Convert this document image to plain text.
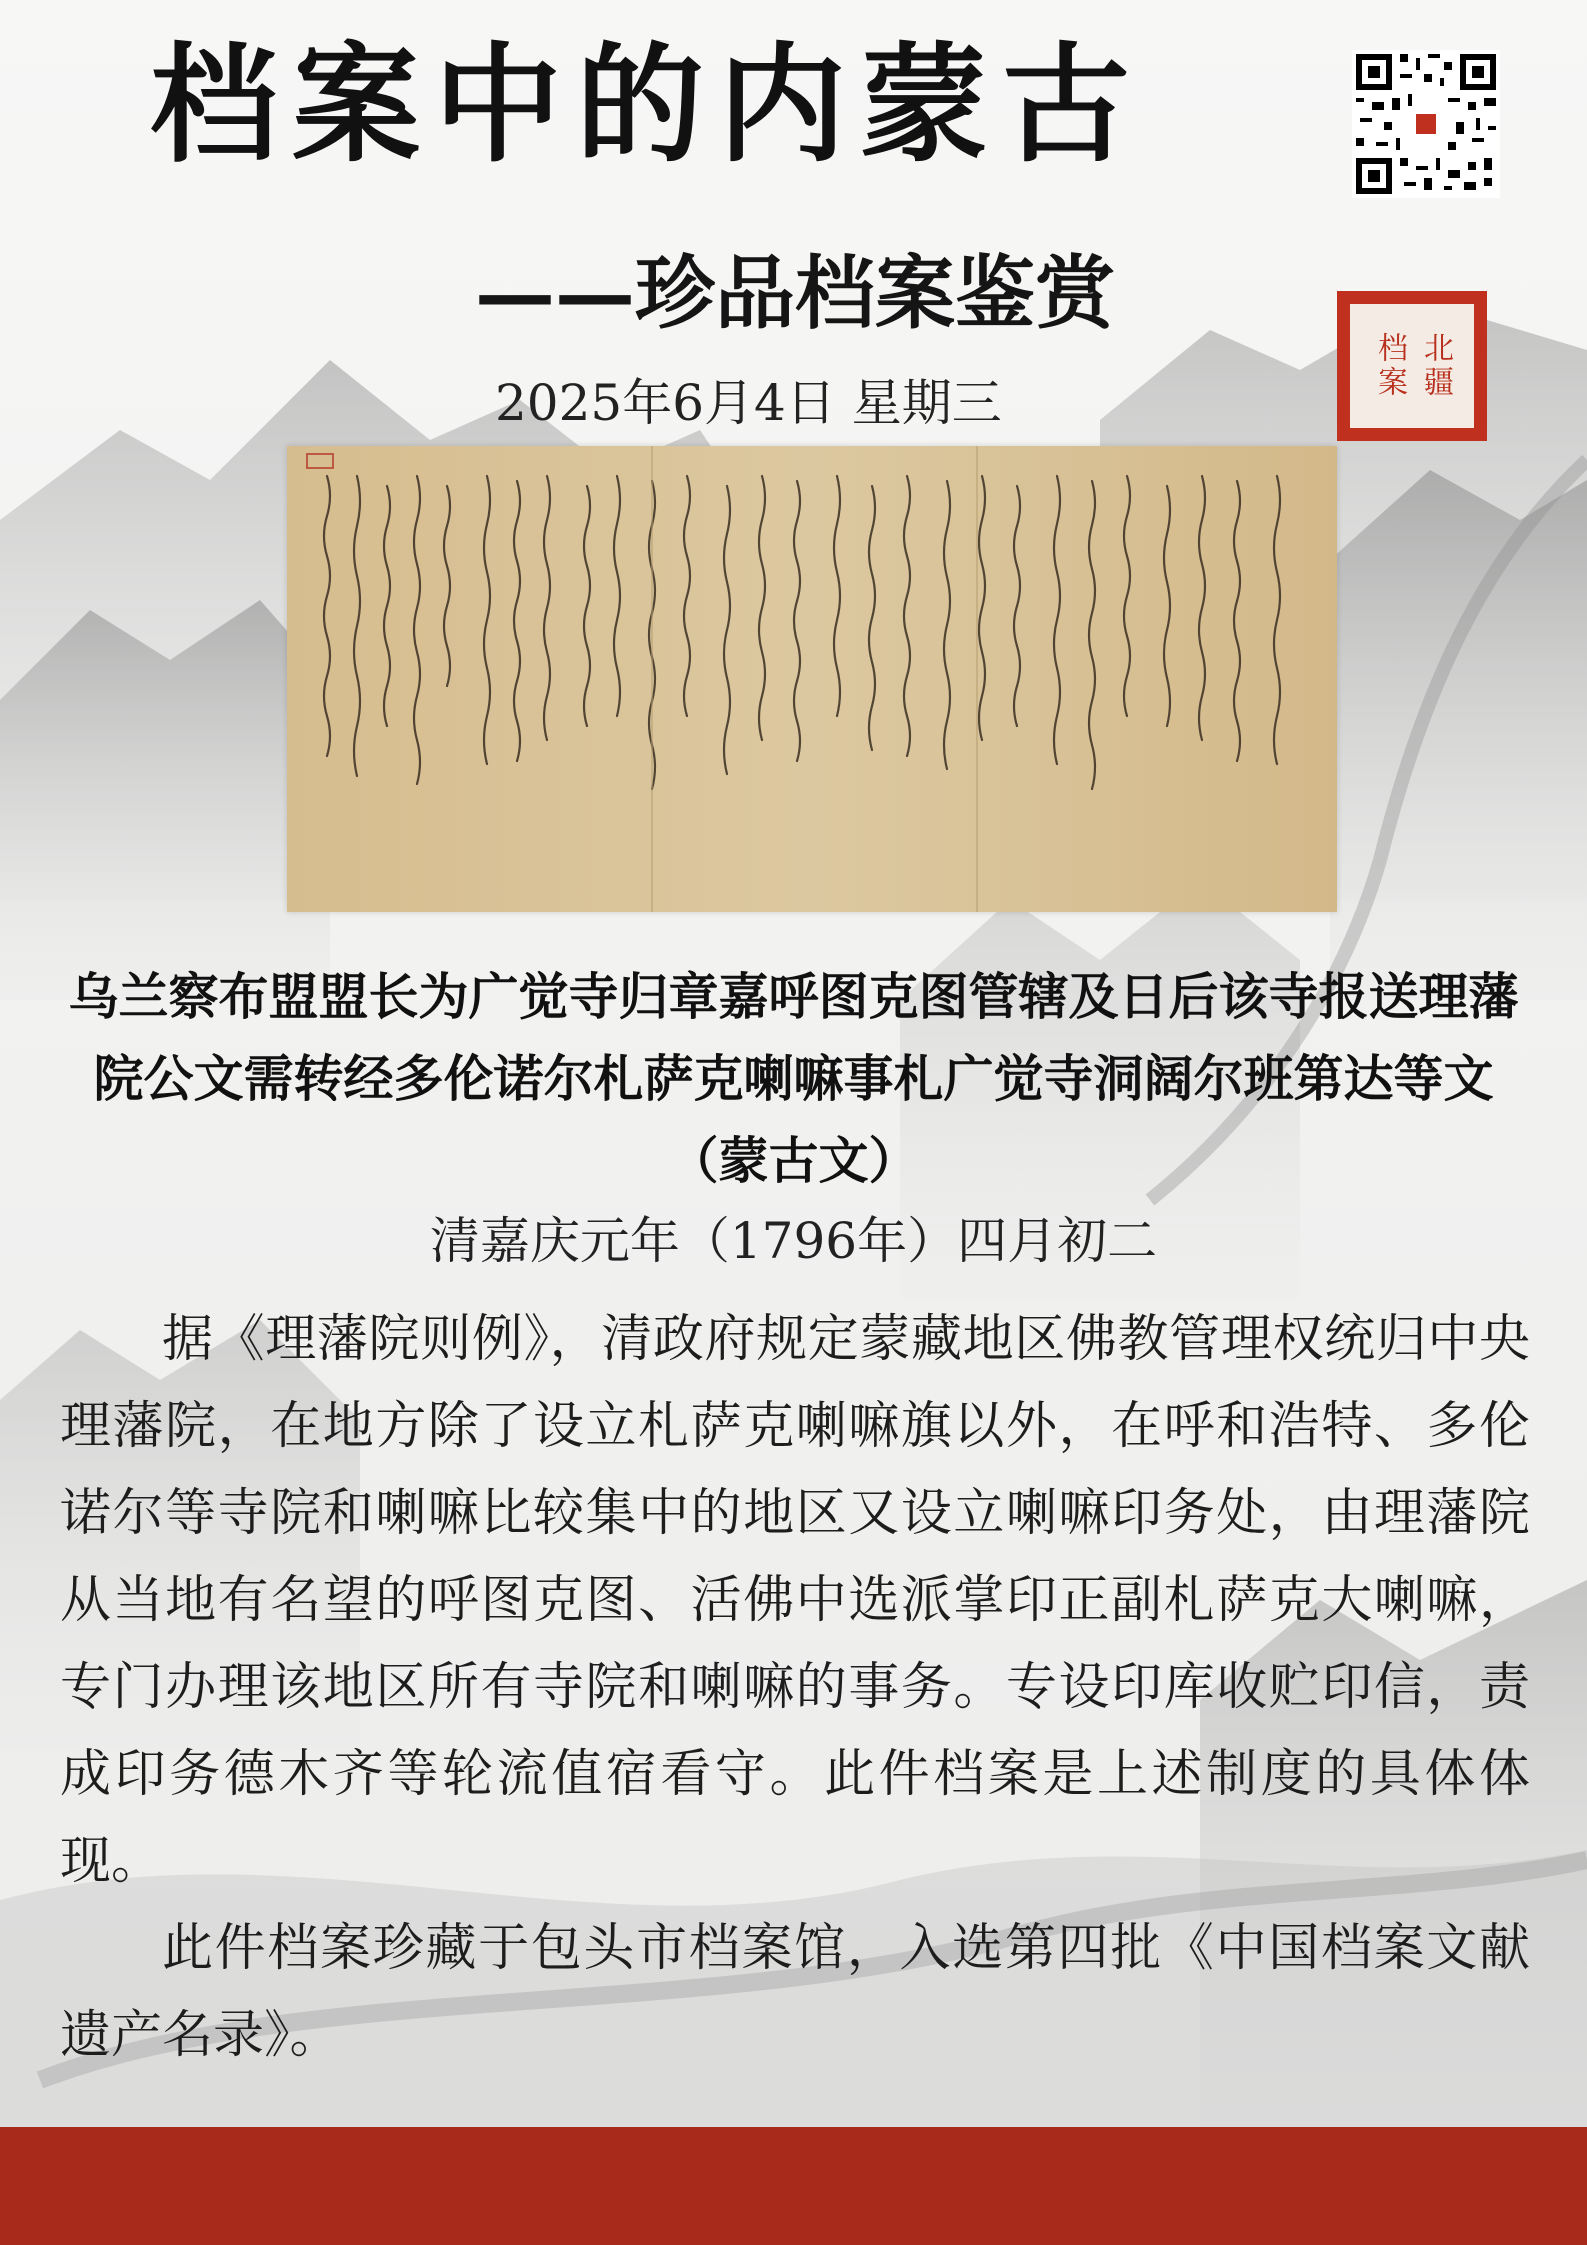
档案中的内蒙古
——珍品档案鉴赏
北疆
档案
2025年6月4日 星期三
乌兰察布盟盟长为广觉寺归章嘉呼图克图管辖及日后该寺报送理藩院公文需转经多伦诺尔札萨克喇嘛事札广觉寺洞阔尔班第达等文（蒙古文）
清嘉庆元年（1796年）四月初二

据《理藩院则例》，清政府规定蒙藏地区佛教管理权统归中央理藩院，在地方除了设立札萨克喇嘛旗以外，在呼和浩特、多伦诺尔等寺院和喇嘛比较集中的地区又设立喇嘛印务处，由理藩院从当地有名望的呼图克图、活佛中选派掌印正副札萨克大喇嘛，专门办理该地区所有寺院和喇嘛的事务。专设印库收贮印信，责成印务德木齐等轮流值宿看守。此件档案是上述制度的具体体现。

此件档案珍藏于包头市档案馆，入选第四批《中国档案文献遗产名录》。
